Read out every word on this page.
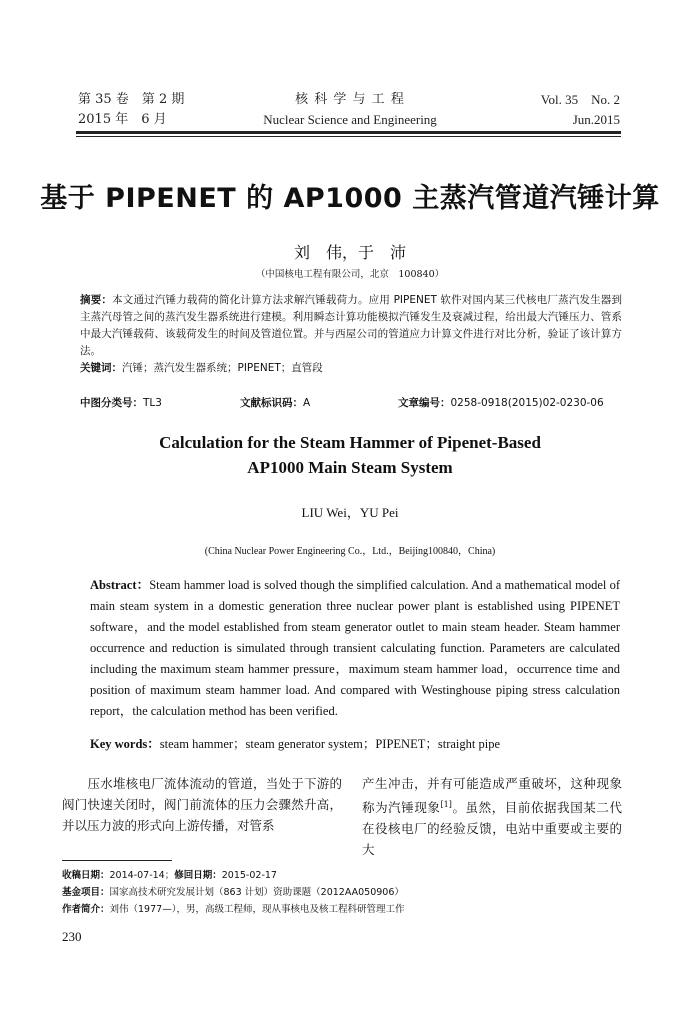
第 35 卷　第 2 期
2015 年　6 月
核 科 学 与 工 程
Nuclear Science and Engineering
Vol. 35　No. 2
Jun.2015
基于 PIPENET 的 AP1000 主蒸汽管道汽锤计算
刘　伟，于　沛
（中国核电工程有限公司，北京　100840）
摘要：本文通过汽锤力载荷的简化计算方法求解汽锤载荷力。应用 PIPENET 软件对国内某三代核电厂蒸汽发生器到主蒸汽母管之间的蒸汽发生器系统进行建模。利用瞬态计算功能模拟汽锤发生及衰减过程，给出最大汽锤压力、管系中最大汽锤载荷、该载荷发生的时间及管道位置。并与西屋公司的管道应力计算文件进行对比分析，验证了该计算方法。
关键词：汽锤；蒸汽发生器系统；PIPENET；直管段
中图分类号：TL3	文献标识码：A	文章编号：0258-0918(2015)02-0230-06
Calculation for the Steam Hammer of Pipenet-Based
AP1000 Main Steam System
LIU Wei，YU Pei
(China Nuclear Power Engineering Co.，Ltd.，Beijing100840，China)
Abstract：Steam hammer load is solved though the simplified calculation. And a mathematical model of main steam system in a domestic generation three nuclear power plant is established using PIPENET software，and the model established from steam generator outlet to main steam header. Steam hammer occurrence and reduction is simulated through transient calculating function. Parameters are calculated including the maximum steam hammer pressure，maximum steam hammer load，occurrence time and position of maximum steam hammer load. And compared with Westinghouse piping stress calculation report，the calculation method has been verified.
Key words：steam hammer；steam generator system；PIPENET；straight pipe
　　压水堆核电厂流体流动的管道，当处于下游的阀门快速关闭时，阀门前流体的压力会骤然升高，并以压力波的形式向上游传播，对管系
产生冲击，并有可能造成严重破坏，这种现象称为汽锤现象[1]。虽然，目前依据我国某二代在役核电厂的经验反馈，电站中重要或主要的大
收稿日期：2014-07-14；修回日期：2015-02-17
基金项目：国家高技术研究发展计划（863 计划）资助课题（2012AA050906）
作者简介：刘伟（1977—），男，高级工程师，现从事核电及核工程科研管理工作
230
